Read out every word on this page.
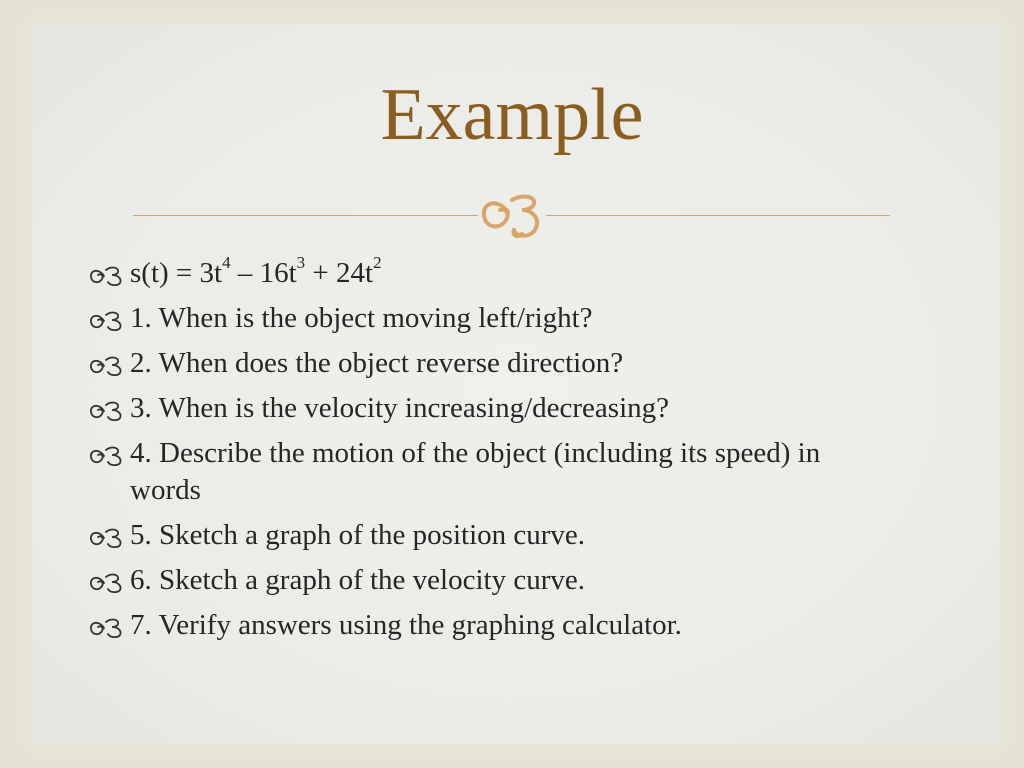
Example
$s(t) = 3t^4 - 16t^3 + 24t^2$
1. When is the object moving left/right?
2. When does the object reverse direction?
3. When is the velocity increasing/decreasing?
4. Describe the motion of the object (including its speed) in words
5. Sketch a graph of the position curve.
6. Sketch a graph of the velocity curve.
7. Verify answers using the graphing calculator.
